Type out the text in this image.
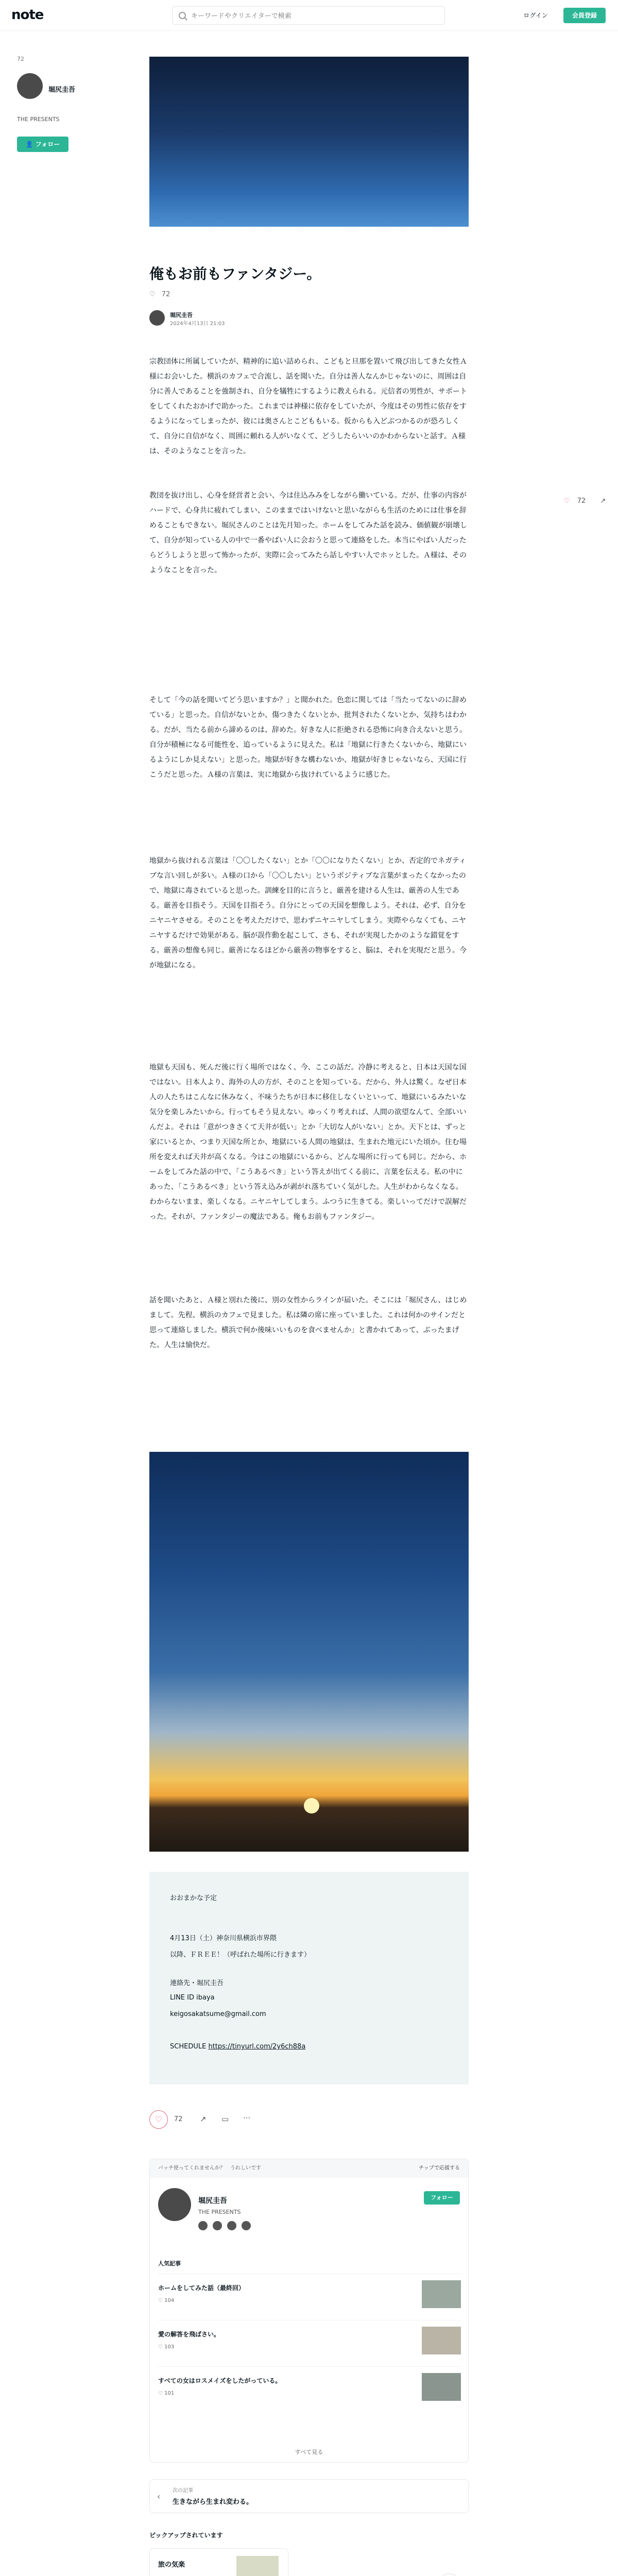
note
キーワードやクリエイターで検索	ログイン	会員登録
72
堀尻圭吾
THE PRESENTS
👤 フォロー
俺もお前もファンタジー。
♡ 72
堀尻圭吾
2024年4月13日 21:03
宗教団体に所属していたが、精神的に追い詰められ、こどもと旦那を置いて飛び出してきた女性Ａ様にお会いした。横浜のカフェで合流し、話を聞いた。自分は善人なんかじゃないのに、周囲は自分に善人であることを強制され、自分を犠牲にするように教えられる。元信者の男性が、サポートをしてくれたおかげで助かった。これまでは神様に依存をしていたが、今度はその男性に依存をするようになってしまったが、彼には奥さんとこどももいる。仮からも入どぶつかるのが恐ろしくて、自分に自信がなく、周囲に頼れる人がいなくて、どうしたらいいのかわからないと話す。Ａ様は、そのようなことを言った。
教団を抜け出し、心身を経営者と会い、今は住込みみをしながら働いている。だが、仕事の内容がハードで、心身共に疲れてしまい、このままではいけないと思いながらも生活のためには仕事を辞めることもできない。堀尻さんのことは先月知った。ホームをしてみた話を読み、価値観が崩壊して、自分が知っている人の中で一番やばい人に会おうと思って連絡をした。本当にやばい人だったらどうしようと思って怖かったが、実際に会ってみたら話しやすい人でホッとした。Ａ様は、そのようなことを言った。
そして「今の話を聞いてどう思いますか？」と聞かれた。色恋に関しては「当たってないのに辞めている」と思った。自信がないとか、傷つきたくないとか、批判されたくないとか、気持ちはわかる。だが、当たる前から諦めるのは、辞めた。好きな人に拒絶される恐怖に向き合えないと思う。自分が積極になる可能性を、追っているように見えた。私は「地獄に行きたくないから、地獄にいるようにしか見えない」と思った。地獄が好きな構わないか、地獄が好きじゃないなら、天国に行こうだと思った。Ａ様の言葉は、実に地獄から抜けれているように感じた。
地獄から抜けれる言葉は「〇〇したくない」とか「〇〇になりたくない」とか、否定的でネガティブな言い回しが多い。Ａ様の口から「〇〇したい」というポジティブな言葉がまったくなかったので、地獄に毒されていると思った。訓練を目的に言うと、厳善を建ける人生は、厳善の人生である。厳善を目指そう。天国を目指そう。自分にとっての天国を想像しよう。それは、必ず、自分をニヤニヤさせる。そのことを考えただけで、思わずニヤニヤしてしまう。実際やらなくても、ニヤニヤするだけで効果がある。脳が誤作動を起こして、さも、それが実現したかのような錯覚をする。厳善の想像も同じ。厳善になるほどから厳善の物事をすると、脳は、それを実現だと思う。今が地獄になる。
地獄も天国も、死んだ後に行く場所ではなく、今、ここの話だ。冷静に考えると、日本は天国な国ではない。日本人より、海外の人の方が、そのことを知っている。だから、外人は驚く。なぜ日本人の人たちはこんなに休みなく、不味うたちが日本に移住しなくいといって、地獄にいるみたいな気分を楽しみたいから。行ってもそう見えない。ゆっくり考えれば、人間の欲望なんて、全部いいんだよ。それは「意がつきさくて天井が低い」とか「大切な人がいない」とか。天下とは、ずっと家にいるとか、つまり天国な所とか、地獄にいる人間の地獄は、生まれた地元にいた頃か。住む場所を変えれば天井が高くなる。今はこの地獄にいるから、どんな場所に行っても同じ。だから、ホームをしてみた話の中で、「こうあるべき」という答えが出てくる前に、言葉を伝える。私の中にあった、「こうあるべき」という答え込みが剥がれ落ちていく気がした。人生がわからなくなる。わからないまま、楽しくなる。ニヤニヤしてしまう。ふつうに生きてる。楽しいってだけで誤解だった。それが、ファンタジーの魔法である。俺もお前もファンタジー。
話を聞いたあと、Ａ様と別れた後に、別の女性からラインが届いた。そこには「堀尻さん、はじめまして。先程、横浜のカフェで見ました。私は隣の席に座っていました。これは何かのサインだと思って連絡しました。横浜で何か後味いいものを食べませんか」と書かれてあって、ぶったまげた。人生は愉快だ。
♡ 72 ↗
おおまかな予定
4月13日（土）神奈川県横浜市界隈
以降、ＦＲＥＥ！（呼ばれた場所に行きます）
連絡先・堀尻圭吾
LINE ID ibaya
keigosakatsume@gmail.com
SCHEDULE https://tinyurl.com/2y6ch88a
♡	72 ↗ ▭ ···
バッチ使ってくれませんか？　うれしいです	チップで応援する
堀尻圭吾
THE PRESENTS
フォロー
人気記事
ホームをしてみた話（最終回）
♡ 104
愛の解答を飛ばさい。
♡ 103
すべての女はロスメイズをしたがっている。
♡ 101
すべて見る
‹
次の記事
生きながら生まれ変わる。
ピックアップされています
旅の気楽
